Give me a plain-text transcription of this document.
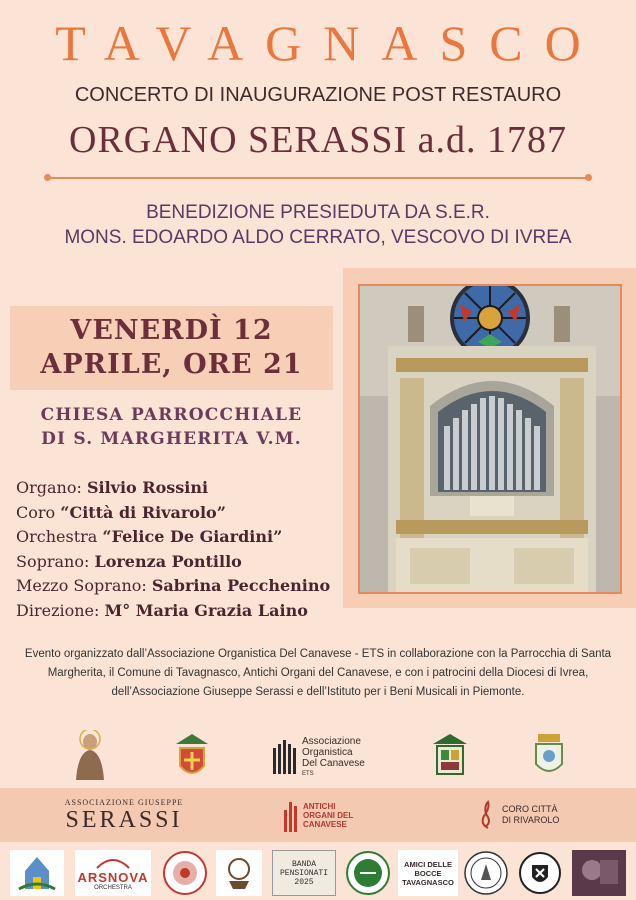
TAVAGNASCO
CONCERTO DI INAUGURAZIONE POST RESTAURO
ORGANO SERASSI a.d. 1787
BENEDIZIONE PRESIEDUTA DA S.E.R.
MONS. EDOARDO ALDO CERRATO, VESCOVO DI IVREA
VENERDÌ 12
APRILE, ORE 21
CHIESA PARROCCHIALE
DI S. MARGHERITA V.M.
Organo: Silvio Rossini
Coro “Città di Rivarolo”
Orchestra “Felice De Giardini”
Soprano: Lorenza Pontillo
Mezzo Soprano: Sabrina Pecchenino
Direzione: M° Maria Grazia Laino
Evento organizzato dall’Associazione Organistica Del Canavese - ETS in collaborazione con la Parrocchia di Santa
Margherita, il Comune di Tavagnasco, Antichi Organi del Canavese, e con i patrocini della Diocesi di Ivrea,
dell’Associazione Giuseppe Serassi e dell’Istituto per i Beni Musicali in Piemonte.
Associazione
Organistica
Del Canavese
ETS
ASSOCIAZIONE GIUSEPPE
SERASSI
ANTICHI
ORGANI DEL
CANAVESE
CORO CITTÀ
DI RIVAROLO
ARSNOVA
ORCHESTRA
BANDA
PENSIONATI
2025
AMICI DELLE
BOCCE
TAVAGNASCO
